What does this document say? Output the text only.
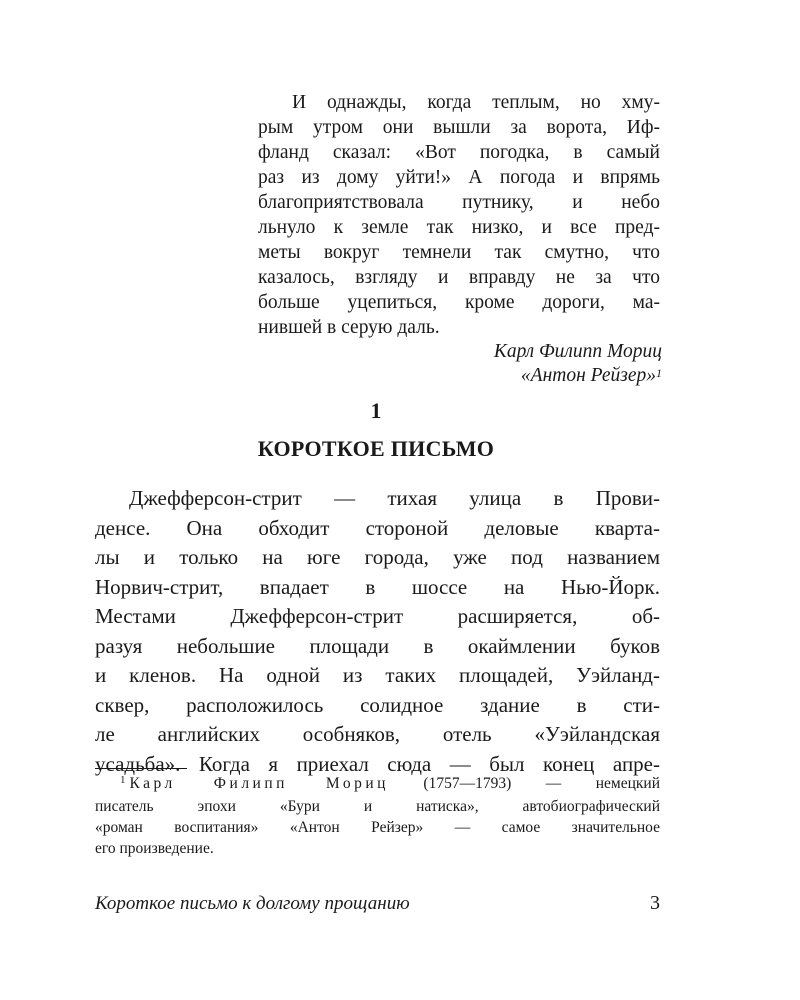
И однажды, когда теплым, но хму-
рым утром они вышли за ворота, Иф-
фланд сказал: «Вот погодка, в самый
раз из дому уйти!» А погода и впрямь
благоприятствовала путнику, и небо
льнуло к земле так низко, и все пред-
меты вокруг темнели так смутно, что
казалось, взгляду и вправду не за что
больше уцепиться, кроме дороги, ма-
нившей в серую даль.
Карл Филипп Мориц
«Антон Рейзер»$^1$
1
КОРОТКОЕ ПИСЬМО
Джефферсон-стрит — тихая улица в Прови-
денсе. Она обходит стороной деловые кварта-
лы и только на юге города, уже под названием
Норвич-стрит, впадает в шоссе на Нью-Йорк.
Местами Джефферсон-стрит расширяется, об-
разуя небольшие площади в окаймлении буков
и кленов. На одной из таких площадей, Уэйланд-
сквер, расположилось солидное здание в сти-
ле английских особняков, отель «Уэйландская
усадьба». Когда я приехал сюда — был конец апре-
$^1$ Карл Филипп Мориц (1757—1793) — немецкий
писатель эпохи «Бури и натиска», автобиографический
«роман воспитания» «Антон Рейзер» — самое значительное
его произведение.
Короткое письмо к долгому прощанию	3
